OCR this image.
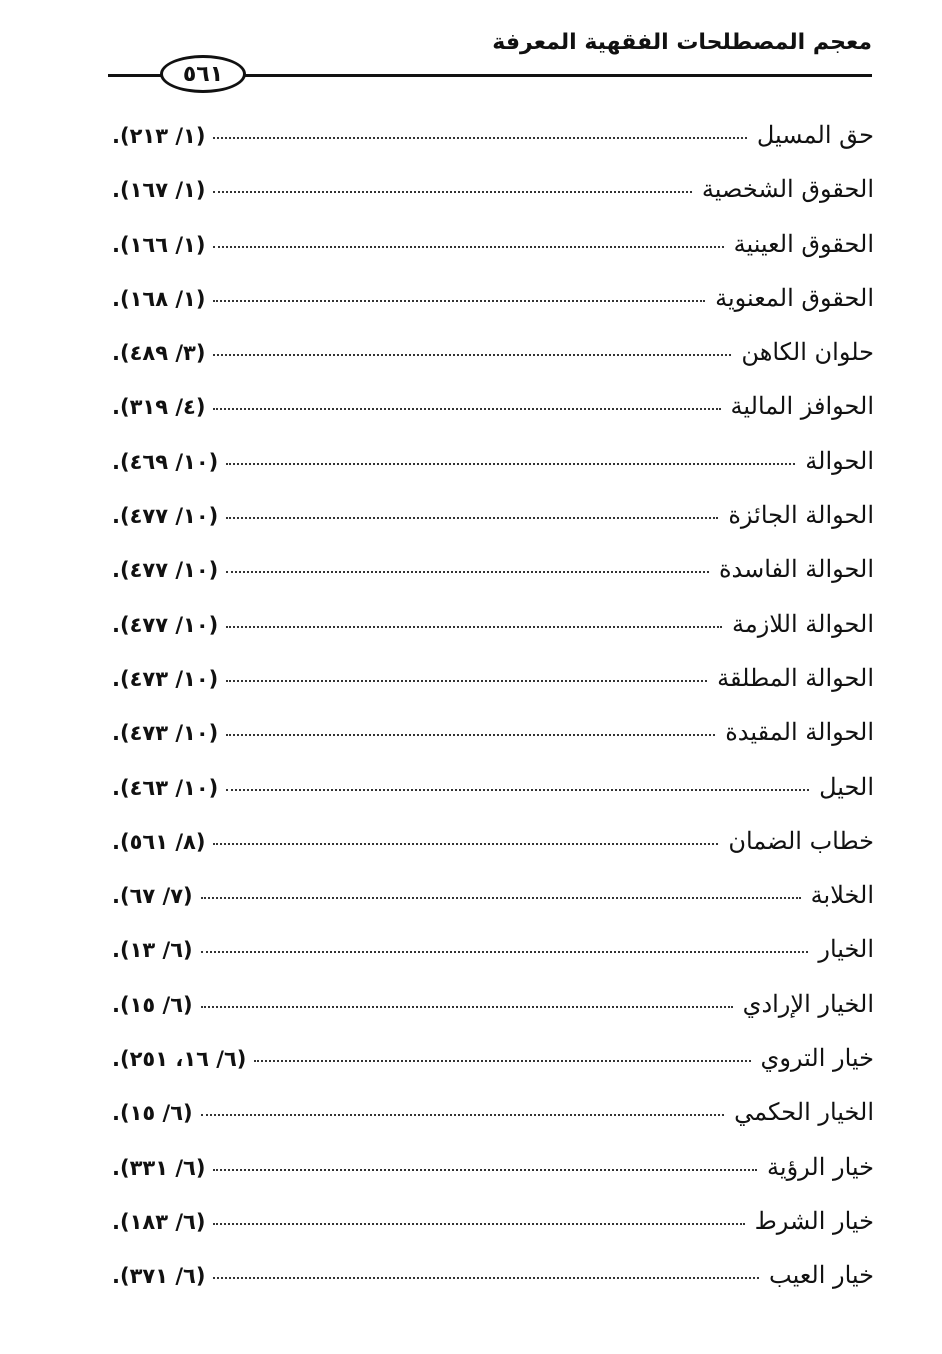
معجم المصطلحات الفقهية المعرفة
٥٦١
حق المسيل
(١/ ٢١٣).
الحقوق الشخصية
(١/ ١٦٧).
الحقوق العينية
(١/ ١٦٦).
الحقوق المعنوية
(١/ ١٦٨).
حلوان الكاهن
(٣/ ٤٨٩).
الحوافز المالية
(٤/ ٣١٩).
الحوالة
(١٠/ ٤٦٩).
الحوالة الجائزة
(١٠/ ٤٧٧).
الحوالة الفاسدة
(١٠/ ٤٧٧).
الحوالة اللازمة
(١٠/ ٤٧٧).
الحوالة المطلقة
(١٠/ ٤٧٣).
الحوالة المقيدة
(١٠/ ٤٧٣).
الحيل
(١٠/ ٤٦٣).
خطاب الضمان
(٨/ ٥٦١).
الخلابة
(٧/ ٦٧).
الخيار
(٦/ ١٣).
الخيار الإرادي
(٦/ ١٥).
خيار التروي
(٦/ ١٦، ٢٥١).
الخيار الحكمي
(٦/ ١٥).
خيار الرؤية
(٦/ ٣٣١).
خيار الشرط
(٦/ ١٨٣).
خيار العيب
(٦/ ٣٧١).
